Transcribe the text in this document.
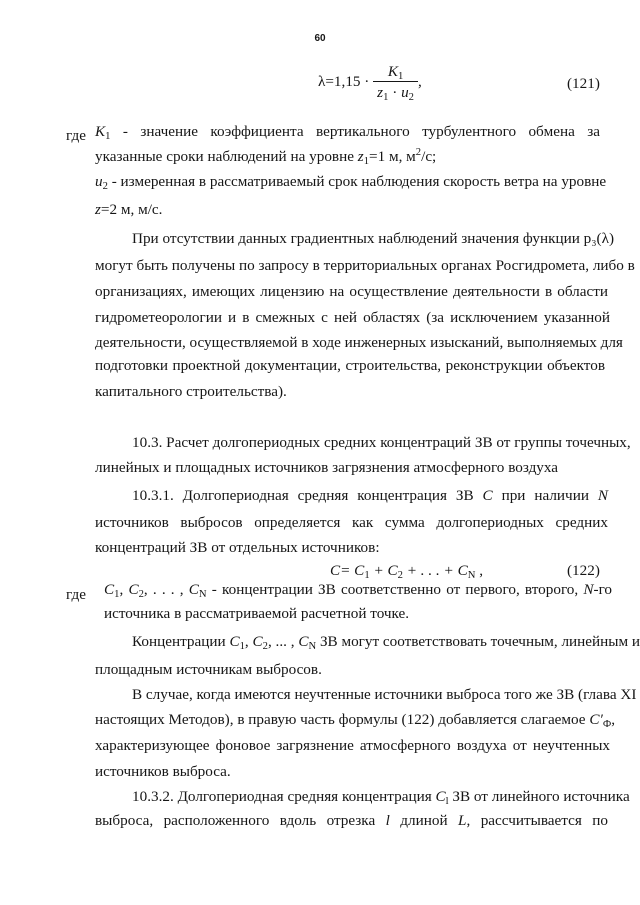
60
$\lambda=1,15 \cdot \frac{K_1}{z_1 \cdot u_2}$ ,	(121)
где $K_1$ - значение коэффициента вертикального турбулентного обмена за
указанные сроки наблюдений на уровне $z_1=1$ м, $м^2/с$;
$u_2$ - измеренная в рассматриваемый срок наблюдения скорость ветра на уровне
z=2 м, м/с.
При отсутствии данных градиентных наблюдений значения функции p₃(λ)
могут быть получены по запросу в территориальных органах Росгидромета, либо в
организациях, имеющих лицензию на осуществление деятельности в области
гидрометеорологии и в смежных с ней областях (за исключением указанной
деятельности, осуществляемой в ходе инженерных изысканий, выполняемых для
подготовки проектной документации, строительства, реконструкции объектов
капитального строительства).
10.3. Расчет долгопериодных средних концентраций ЗВ от группы точечных,
линейных и площадных источников загрязнения атмосферного воздуха
10.3.1. Долгопериодная средняя концентрация ЗВ C при наличии N
источников выбросов определяется как сумма долгопериодных средних
концентраций ЗВ от отдельных источников:
$C= C_1 + C_2$ + . . . + $C_N$ ,	(122)
где $C_1$, $C_2$, . . . , $C_N$ - концентрации ЗВ соответственно от первого, второго, N-го
источника в рассматриваемой расчетной точке.
Концентрации $C_1$, $C_2$, ... , $C_N$ ЗВ могут соответствовать точечным, линейным и
площадным источникам выбросов.
В случае, когда имеются неучтенные источники выброса того же ЗВ (глава XI
настоящих Методов), в правую часть формулы (122) добавляется слагаемое $C'_Ф$,
характеризующее фоновое загрязнение атмосферного воздуха от неучтенных
источников выброса.
10.3.2. Долгопериодная средняя концентрация $C_l$ ЗВ от линейного источника
выброса, расположенного вдоль отрезка l длиной L, рассчитывается по
